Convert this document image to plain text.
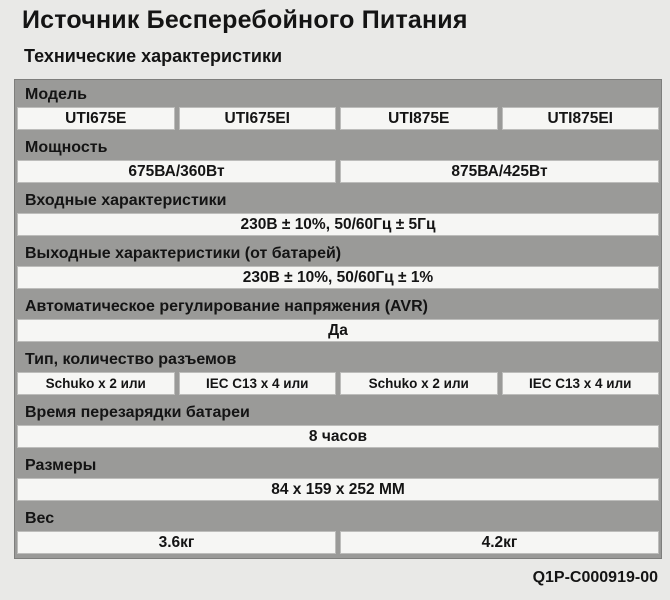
Источник Бесперебойного Питания
Технические характеристики
Модель
UTI675E	UTI675EI	UTI875E	UTI875EI
Мощность
675ВА/360Вт	875ВА/425Вт
Входные характеристики
230В ± 10%, 50/60Гц ± 5Гц
Выходные характеристики (от батарей)
230В ± 10%, 50/60Гц ± 1%
Автоматическое регулирование напряжения (AVR)
Да
Тип, количество разъемов
Schuko x 2 или	IEC C13 x 4 или	Schuko x 2 или	IEC C13 x 4 или
Время перезарядки батареи
8 часов
Размеры
84 x 159 x 252 MM
Вес
3.6кг	4.2кг
Q1P-C000919-00
